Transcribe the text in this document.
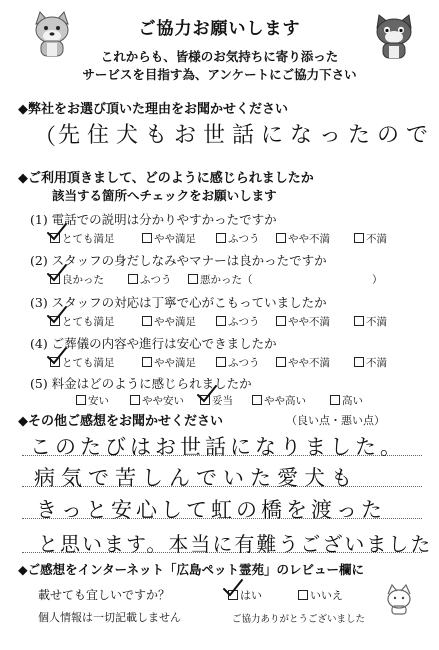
ご協力お願いします
これからも、皆様のお気持ちに寄り添った
サービスを目指す為、アンケートにご協力下さい
◆弊社をお選び頂いた理由をお聞かせください
（ 先住犬もお世話になったので
◆ご利用頂きまして、どのように感じられましたか
該当する箇所へチェックをお願いします
(1) 電話での説明は分かりやすかったですか
とても満足	やや満足	ふつう	やや不満	不満
(2) スタッフの身だしなみやマナーは良かったですか
良かった	ふつう	悪かった（	）
(3) スタッフの対応は丁寧で心がこもっていましたか
とても満足	やや満足	ふつう	やや不満	不満
(4) ご葬儀の内容や進行は安心できましたか
とても満足	やや満足	ふつう	やや不満	不満
(5) 料金はどのように感じられましたか
安い	やや安い	妥当	やや高い	高い
◆その他ご感想をお聞かせください	（良い点・悪い点）
このたびはお世話になりました。
病気で苦しんでいた愛犬も
きっと安心して虹の橋を渡った
と思います。本当に有難うございました
◆ご感想をインターネット「広島ペット霊苑」のレビュー欄に
載せても宜しいですか？	はい	いいえ
個人情報は一切記載しません	ご協力ありがとうございました
